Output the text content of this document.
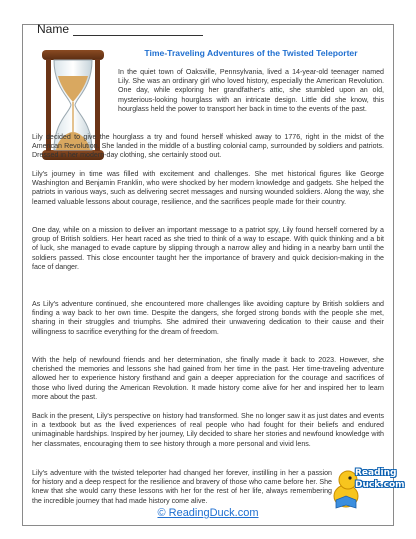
Name
Time-Traveling Adventures of the Twisted Teleporter

In the quiet town of Oaksville, Pennsylvania, lived a 14-year-old teenager named Lily. She was an ordinary girl who loved history, especially the American Revolution. One day, while exploring her grandfather's attic, she stumbled upon an old, mysterious-looking hourglass with an intricate design. Little did she know, this hourglass held the power to transport her back in time to the events of the past.

Lily decided to give the hourglass a try and found herself whisked away to 1776, right in the midst of the American Revolution. She landed in the middle of a bustling colonial camp, surrounded by soldiers and patriots. Dressed in her modern-day clothing, she certainly stood out.

Lily's journey in time was filled with excitement and challenges. She met historical figures like George Washington and Benjamin Franklin, who were shocked by her modern knowledge and gadgets. She helped the patriots in various ways, such as delivering secret messages and nursing wounded soldiers. Along the way, she learned valuable lessons about courage, resilience, and the sacrifices people made for their country.

One day, while on a mission to deliver an important message to a patriot spy, Lily found herself cornered by a group of British soldiers. Her heart raced as she tried to think of a way to escape. With quick thinking and a bit of luck, she managed to evade capture by slipping through a narrow alley and hiding in a nearby barn until the soldiers passed. This close encounter taught her the importance of bravery and quick decision-making in the face of danger.

As Lily's adventure continued, she encountered more challenges like avoiding capture by British soldiers and finding a way back to her own time. Despite the dangers, she forged strong bonds with the people she met, sharing in their struggles and triumphs. She admired their unwavering dedication to their cause and their willingness to sacrifice everything for the dream of freedom.

With the help of newfound friends and her determination, she finally made it back to 2023. However, she cherished the memories and lessons she had gained from her time in the past. Her time-traveling adventure allowed her to experience history firsthand and gain a deeper appreciation for the courage and sacrifices of those who lived during the American Revolution. It made history come alive for her and inspired her to learn more about the past.

Back in the present, Lily's perspective on history had transformed. She no longer saw it as just dates and events in a textbook but as the lived experiences of real people who had fought for their beliefs and endured unimaginable hardships. Inspired by her journey, Lily decided to share her stories and newfound knowledge with her classmates, encouraging them to see history through a more personal and vivid lens.

Lily's adventure with the twisted teleporter had changed her forever, instilling in her a passion for history and a deep respect for the resilience and bravery of those who came before her. She knew that she would carry these lessons with her for the rest of her life, always remembering the incredible journey that had made history come alive.

Reading
Duck.com
© ReadingDuck.com
